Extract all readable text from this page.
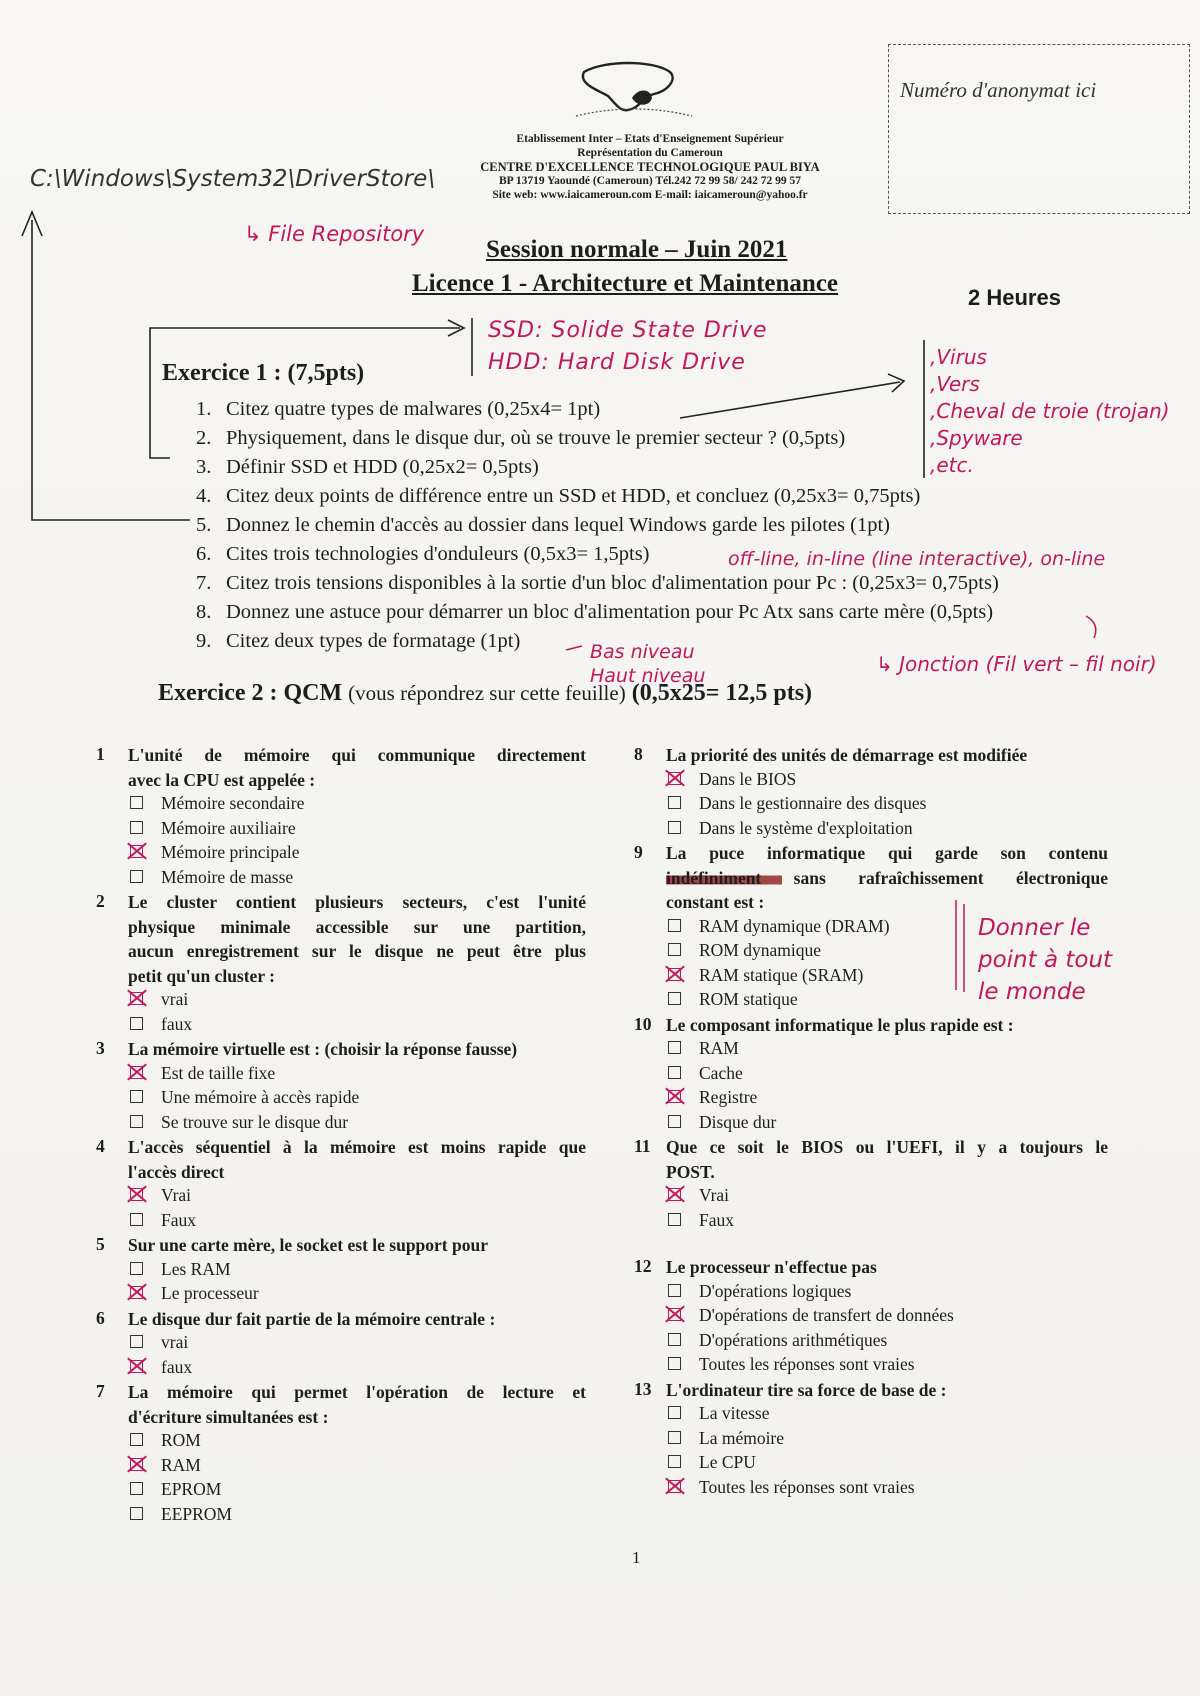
Etablissement Inter – Etats d'Enseignement Supérieur
Représentation du Cameroun
CENTRE D'EXCELLENCE TECHNOLOGIQUE PAUL BIYA
BP 13719 Yaoundé (Cameroun) Tél.242 72 99 58/ 242 72 99 57
Site web: www.iaicameroun.com E-mail: iaicameroun@yahoo.fr
Numéro d'anonymat ici
Session normale – Juin 2021
Licence 1 - Architecture et Maintenance
2 Heures
C:\Windows\System32\DriverStore\
↳ File Repository
SSD: Solide State Drive
HDD: Hard Disk Drive	,Virus
,Vers
,Cheval de troie (trojan)
,Spyware
,etc.
off-line, in-line (line interactive), on-line
↳ Jonction (Fil vert – fil noir)
Bas niveau
Haut niveau
Donner le
point à tout
le monde
Exercice 1 : (7,5pts)
1. Citez quatre types de malwares (0,25x4= 1pt)
2. Physiquement, dans le disque dur, où se trouve le premier secteur ? (0,5pts)
3. Définir SSD et HDD (0,25x2= 0,5pts)
4. Citez deux points de différence entre un SSD et HDD, et concluez (0,25x3= 0,75pts)
5. Donnez le chemin d'accès au dossier dans lequel Windows garde les pilotes (1pt)
6. Cites trois technologies d'onduleurs (0,5x3= 1,5pts)
7. Citez trois tensions disponibles à la sortie d'un bloc d'alimentation pour Pc : (0,25x3= 0,75pts)
8. Donnez une astuce pour démarrer un bloc d'alimentation pour Pc Atx sans carte mère (0,5pts)
9. Citez deux types de formatage (1pt)
Exercice 2 : QCM (vous répondrez sur cette feuille) (0,5x25= 12,5 pts)
1 L'unité de mémoire qui communique directement
avec la CPU est appelée :
Mémoire secondaire
Mémoire auxiliaire
Mémoire principale
Mémoire de masse
2 Le cluster contient plusieurs secteurs, c'est l'unité
physique minimale accessible sur une partition,
aucun enregistrement sur le disque ne peut être plus
petit qu'un cluster :
vrai
faux
3 La mémoire virtuelle est : (choisir la réponse fausse)
Est de taille fixe
Une mémoire à accès rapide
Se trouve sur le disque dur
4 L'accès séquentiel à la mémoire est moins rapide que
l'accès direct
Vrai
Faux
5 Sur une carte mère, le socket est le support pour
Les RAM
Le processeur
6 Le disque dur fait partie de la mémoire centrale :
vrai
faux
7 La mémoire qui permet l'opération de lecture et
d'écriture simultanées est :
ROM
RAM
EPROM
EEPROM
8 La priorité des unités de démarrage est modifiée
Dans le BIOS
Dans le gestionnaire des disques
Dans le système d'exploitation
9 La puce informatique qui garde son contenu
indéfiniment sans rafraîchissement électronique
constant est :
RAM dynamique (DRAM)
ROM dynamique
RAM statique (SRAM)
ROM statique
10 Le composant informatique le plus rapide est :
RAM
Cache
Registre
Disque dur
11 Que ce soit le BIOS ou l'UEFI, il y a toujours le
POST.
Vrai
Faux
12 Le processeur n'effectue pas
D'opérations logiques
D'opérations de transfert de données
D'opérations arithmétiques
Toutes les réponses sont vraies
13 L'ordinateur tire sa force de base de :
La vitesse
La mémoire
Le CPU
Toutes les réponses sont vraies
1
